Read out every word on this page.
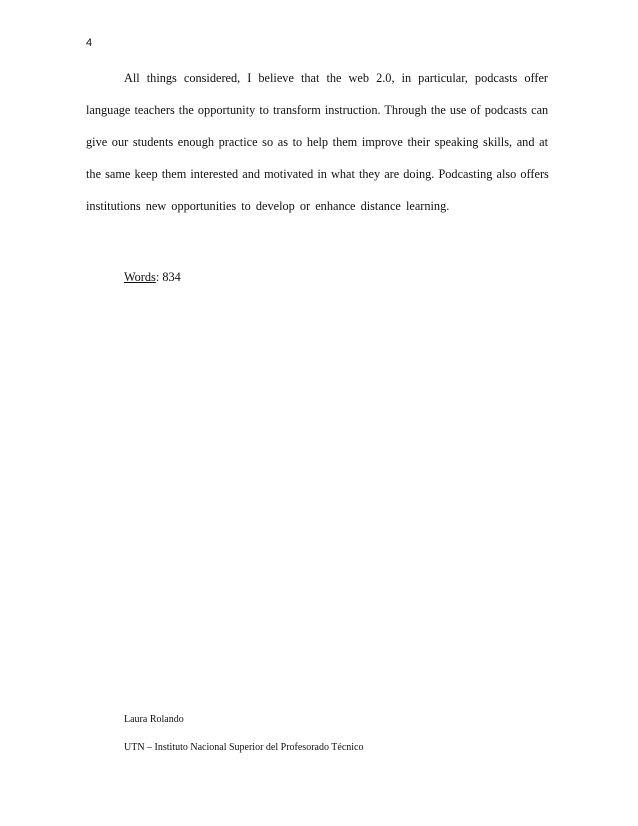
4
All things considered, I believe that the web 2.0, in particular, podcasts offer
language teachers the opportunity to transform instruction. Through the use of podcasts can
give our students enough practice so as to help them improve their speaking skills, and at
the same keep them interested and motivated in what they are doing. Podcasting also offers
institutions new opportunities to develop or enhance distance learning.
Words: 834
Laura Rolando
UTN – Instituto Nacional Superior del Profesorado Técnico
